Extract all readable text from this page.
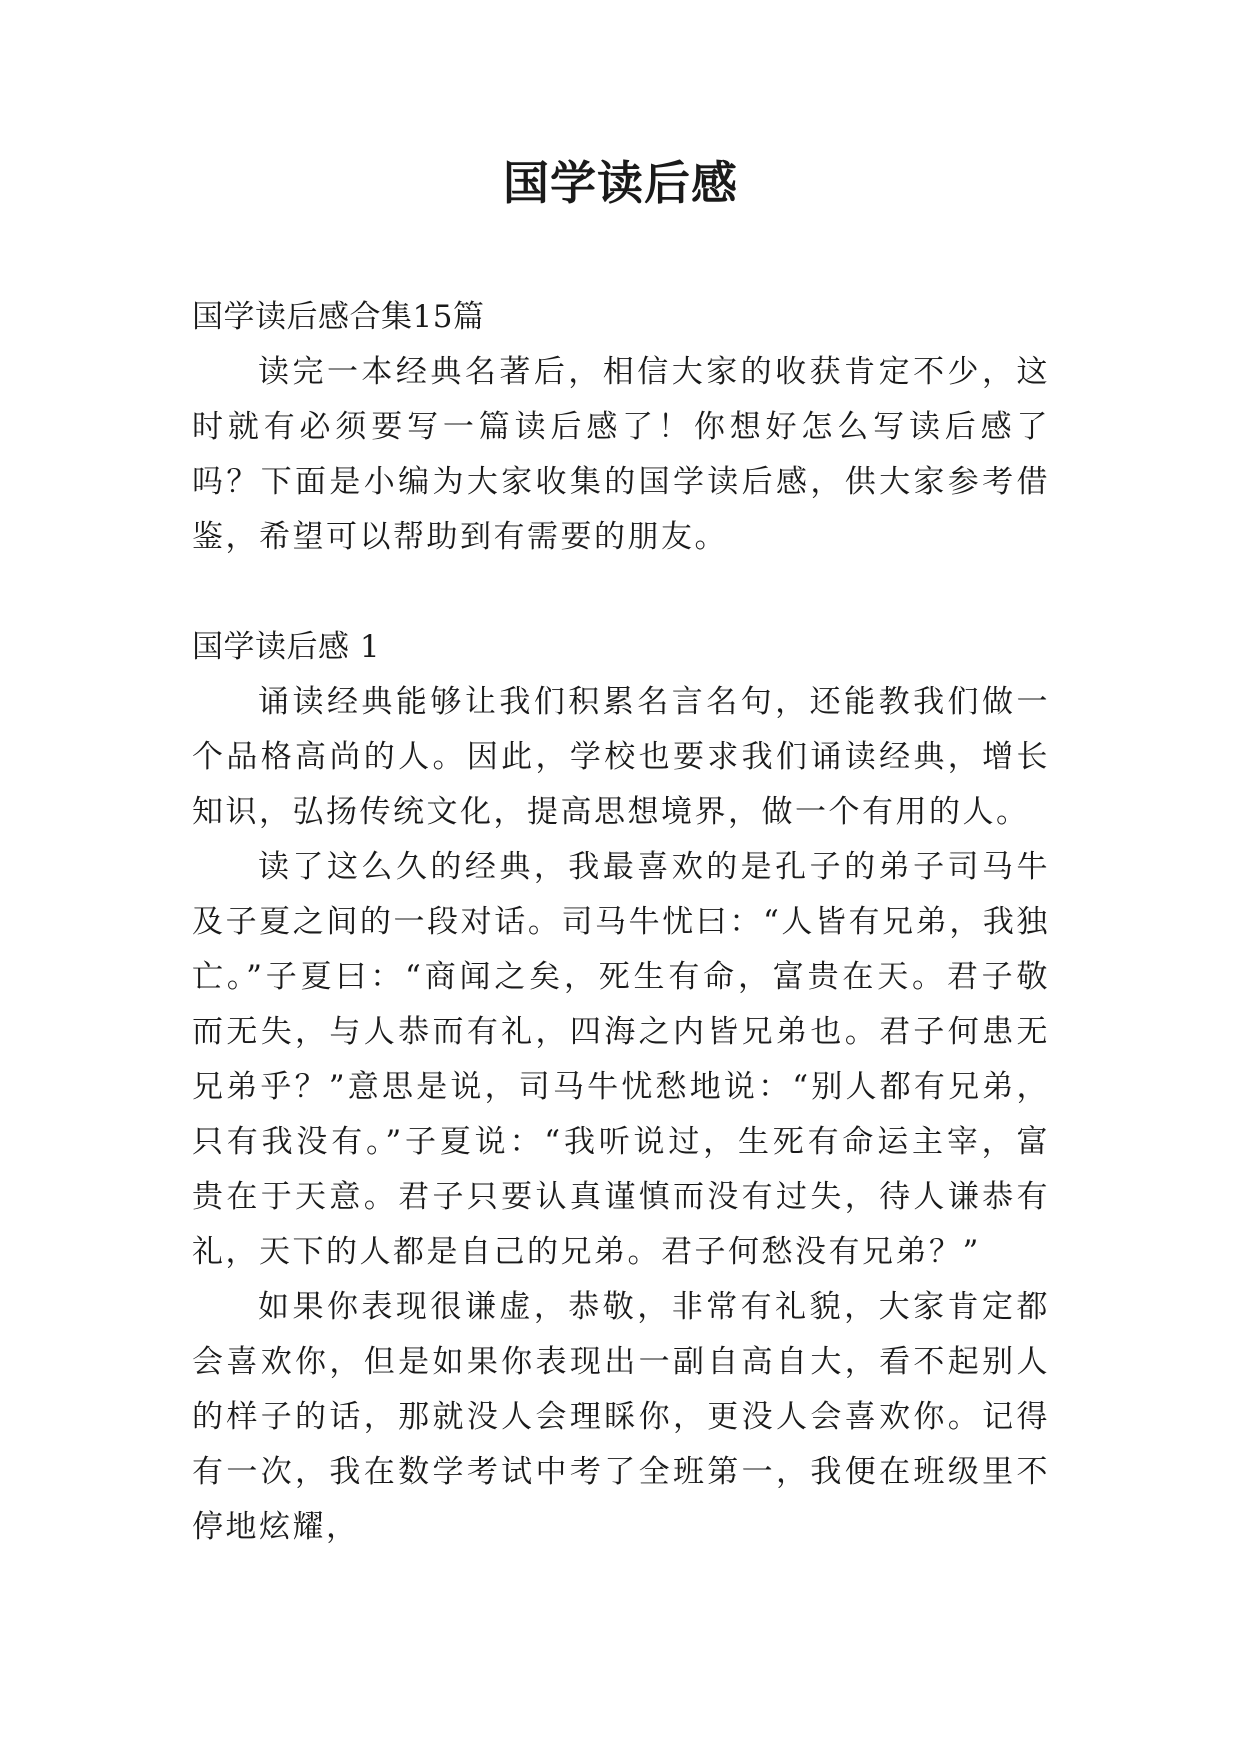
国学读后感

国学读后感合集15篇

读完一本经典名著后，相信大家的收获肯定不少，这时就有必须要写一篇读后感了！你想好怎么写读后感了吗？下面是小编为大家收集的国学读后感，供大家参考借鉴，希望可以帮助到有需要的朋友。

国学读后感 1

诵读经典能够让我们积累名言名句，还能教我们做一个品格高尚的人。因此，学校也要求我们诵读经典，增长知识，弘扬传统文化，提高思想境界，做一个有用的人。

读了这么久的经典，我最喜欢的是孔子的弟子司马牛及子夏之间的一段对话。司马牛忧曰：“人皆有兄弟，我独亡。”子夏曰：“商闻之矣，死生有命，富贵在天。君子敬而无失，与人恭而有礼，四海之内皆兄弟也。君子何患无兄弟乎？”意思是说，司马牛忧愁地说：“别人都有兄弟，只有我没有。”子夏说：“我听说过，生死有命运主宰，富贵在于天意。君子只要认真谨慎而没有过失，待人谦恭有礼，天下的人都是自己的兄弟。君子何愁没有兄弟？”

如果你表现很谦虚，恭敬，非常有礼貌，大家肯定都会喜欢你，但是如果你表现出一副自高自大，看不起别人的样子的话，那就没人会理睬你，更没人会喜欢你。记得有一次，我在数学考试中考了全班第一，我便在班级里不停地炫耀，
